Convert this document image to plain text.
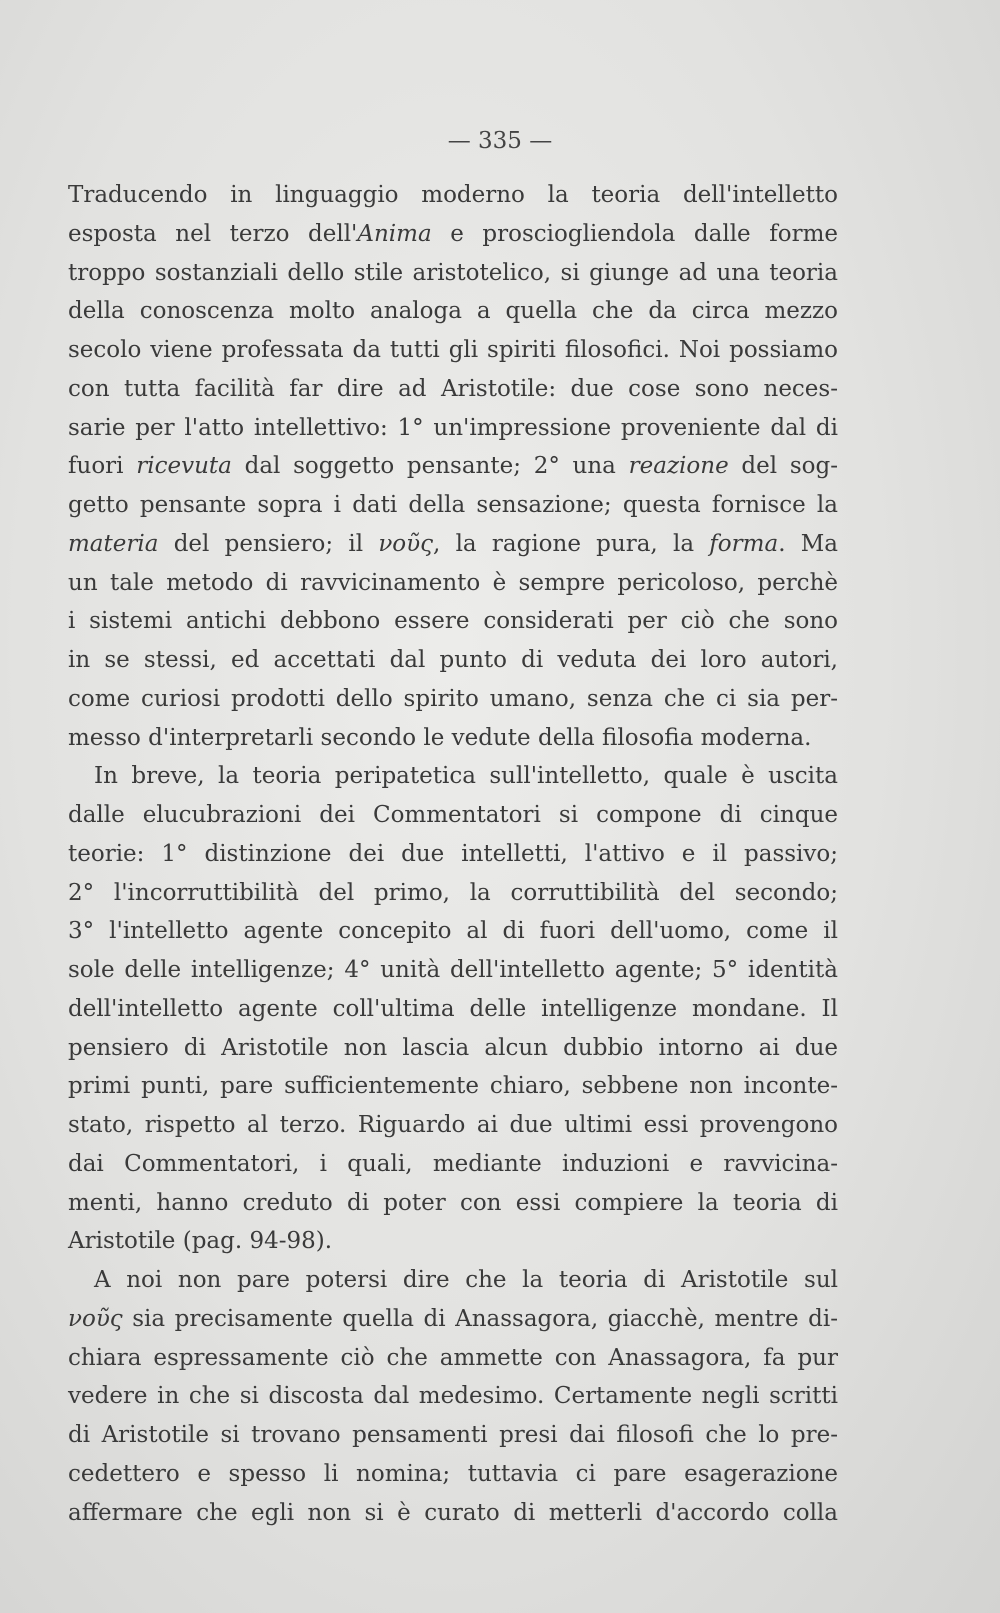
— 335 —
Traducendo in linguaggio moderno la teoria dell'intelletto
esposta nel terzo dell'Anima e prosciogliendola dalle forme
troppo sostanziali dello stile aristotelico, si giunge ad una teoria
della conoscenza molto analoga a quella che da circa mezzo
secolo viene professata da tutti gli spiriti filosofici. Noi possiamo
con tutta facilità far dire ad Aristotile: due cose sono neces-
sarie per l'atto intellettivo: 1° un'impressione proveniente dal di
fuori ricevuta dal soggetto pensante; 2° una reazione del sog-
getto pensante sopra i dati della sensazione; questa fornisce la
materia del pensiero; il νοῦς, la ragione pura, la forma. Ma
un tale metodo di ravvicinamento è sempre pericoloso, perchè
i sistemi antichi debbono essere considerati per ciò che sono
in se stessi, ed accettati dal punto di veduta dei loro autori,
come curiosi prodotti dello spirito umano, senza che ci sia per-
messo d'interpretarli secondo le vedute della filosofia moderna.
In breve, la teoria peripatetica sull'intelletto, quale è uscita
dalle elucubrazioni dei Commentatori si compone di cinque
teorie: 1° distinzione dei due intelletti, l'attivo e il passivo;
2° l'incorruttibilità del primo, la corruttibilità del secondo;
3° l'intelletto agente concepito al di fuori dell'uomo, come il
sole delle intelligenze; 4° unità dell'intelletto agente; 5° identità
dell'intelletto agente coll'ultima delle intelligenze mondane. Il
pensiero di Aristotile non lascia alcun dubbio intorno ai due
primi punti, pare sufficientemente chiaro, sebbene non inconte-
stato, rispetto al terzo. Riguardo ai due ultimi essi provengono
dai Commentatori, i quali, mediante induzioni e ravvicina-
menti, hanno creduto di poter con essi compiere la teoria di
Aristotile (pag. 94-98).
A noi non pare potersi dire che la teoria di Aristotile sul
νοῦς sia precisamente quella di Anassagora, giacchè, mentre di-
chiara espressamente ciò che ammette con Anassagora, fa pur
vedere in che si discosta dal medesimo. Certamente negli scritti
di Aristotile si trovano pensamenti presi dai filosofi che lo pre-
cedettero e spesso li nomina; tuttavia ci pare esagerazione
affermare che egli non si è curato di metterli d'accordo colla
